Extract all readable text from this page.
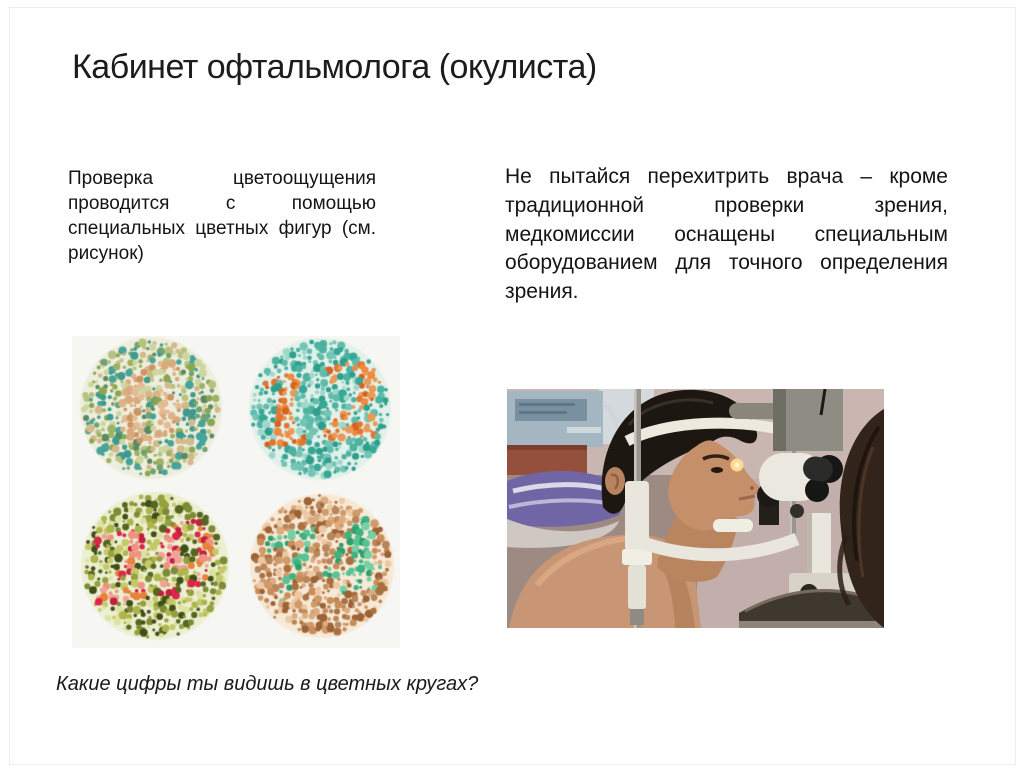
Кабинет офтальмолога (окулиста)

Проверка цветоощущения проводится с помощью специальных цветных фигур (см. рисунок)

Не пытайся перехитрить врача – кроме традиционной проверки зрения, медкомиссии оснащены специальным оборудованием для точного определения зрения.

Какие цифры ты видишь в цветных кругах?
